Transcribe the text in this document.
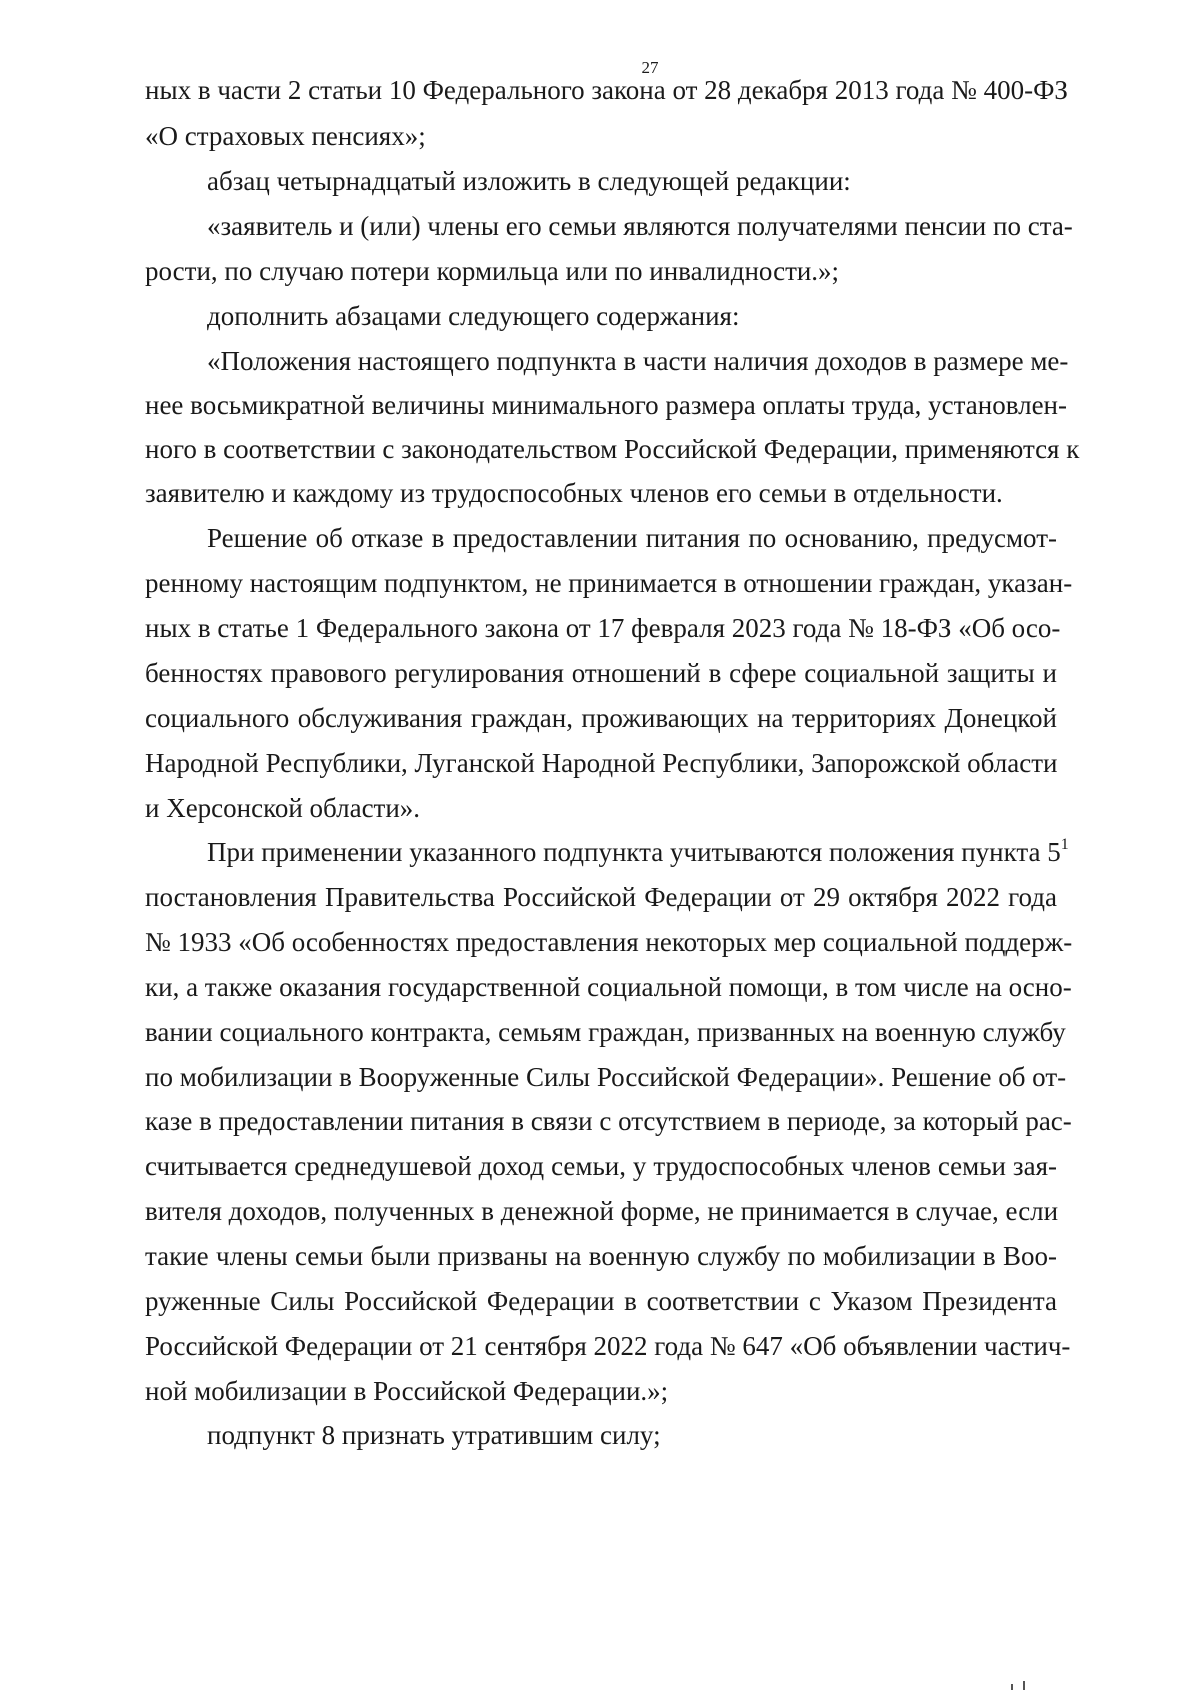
27

ных в части 2 статьи 10 Федерального закона от 28 декабря 2013 года № 400-ФЗ

«О страховых пенсиях»;

абзац четырнадцатый изложить в следующей редакции:

«заявитель и (или) члены его семьи являются получателями пенсии по ста-

рости, по случаю потери кормильца или по инвалидности.»;

дополнить абзацами следующего содержания:

«Положения настоящего подпункта в части наличия доходов в размере ме-

нее восьмикратной величины минимального размера оплаты труда, установлен-

ного в соответствии с законодательством Российской Федерации, применяются к

заявителю и каждому из трудоспособных членов его семьи в отдельности.

Решение об отказе в предоставлении питания по основанию, предусмот-

ренному настоящим подпунктом, не принимается в отношении граждан, указан-

ных в статье 1 Федерального закона от 17 февраля 2023 года № 18-ФЗ «Об осо-

бенностях правового регулирования отношений в сфере социальной защиты и

социального обслуживания граждан, проживающих на территориях Донецкой

Народной Республики, Луганской Народной Республики, Запорожской области

и Херсонской области».

При применении указанного подпункта учитываются положения пункта $5^1$

постановления Правительства Российской Федерации от 29 октября 2022 года

№ 1933 «Об особенностях предоставления некоторых мер социальной поддерж-

ки, а также оказания государственной социальной помощи, в том числе на осно-

вании социального контракта, семьям граждан, призванных на военную службу

по мобилизации в Вооруженные Силы Российской Федерации». Решение об от-

казе в предоставлении питания в связи с отсутствием в периоде, за который рас-

считывается среднедушевой доход семьи, у трудоспособных членов семьи зая-

вителя доходов, полученных в денежной форме, не принимается в случае, если

такие члены семьи были призваны на военную службу по мобилизации в Воо-

руженные Силы Российской Федерации в соответствии с Указом Президента

Российской Федерации от 21 сентября 2022 года № 647 «Об объявлении частич-

ной мобилизации в Российской Федерации.»;

подпункт 8 признать утратившим силу;
